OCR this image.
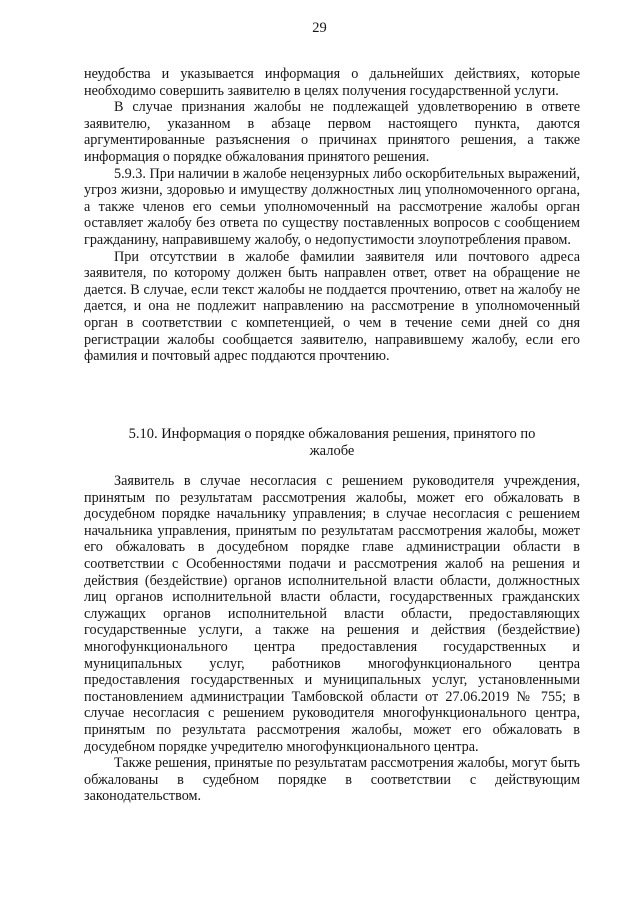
29

неудобства и указывается информация о дальнейших действиях, которые необходимо совершить заявителю в целях получения государственной услуги.

В случае признания жалобы не подлежащей удовлетворению в ответе заявителю, указанном в абзаце первом настоящего пункта, даются аргументированные разъяснения о причинах принятого решения, а также информация о порядке обжалования принятого решения.

5.9.3. При наличии в жалобе нецензурных либо оскорбительных выражений, угроз жизни, здоровью и имуществу должностных лиц уполномоченного органа, а также членов его семьи уполномоченный на рассмотрение жалобы орган оставляет жалобу без ответа по существу поставленных вопросов с сообщением гражданину, направившему жалобу, о недопустимости злоупотребления правом.

При отсутствии в жалобе фамилии заявителя или почтового адреса заявителя, по которому должен быть направлен ответ, ответ на обращение не дается. В случае, если текст жалобы не поддается прочтению, ответ на жалобу не дается, и она не подлежит направлению на рассмотрение в уполномоченный орган в соответствии с компетенцией, о чем в течение семи дней со дня регистрации жалобы сообщается заявителю, направившему жалобу, если его фамилия и почтовый адрес поддаются прочтению.

5.10. Информация о порядке обжалования решения, принятого по жалобе

Заявитель в случае несогласия с решением руководителя учреждения, принятым по результатам рассмотрения жалобы, может его обжаловать в досудебном порядке начальнику управления; в случае несогласия с решением начальника управления, принятым по результатам рассмотрения жалобы, может его обжаловать в досудебном порядке главе администрации области в соответствии с Особенностями подачи и рассмотрения жалоб на решения и действия (бездействие) органов исполнительной власти области, должностных лиц органов исполнительной власти области, государственных гражданских служащих органов исполнительной власти области, предоставляющих государственные услуги, а также на решения и действия (бездействие) многофункционального центра предоставления государственных и муниципальных услуг, работников многофункционального центра предоставления государственных и муниципальных услуг, установленными постановлением администрации Тамбовской области от 27.06.2019 № 755; в случае несогласия с решением руководителя многофункционального центра, принятым по результата рассмотрения жалобы, может его обжаловать в досудебном порядке учредителю многофункционального центра.

Также решения, принятые по результатам рассмотрения жалобы, могут быть обжалованы в судебном порядке в соответствии с действующим законодательством.
